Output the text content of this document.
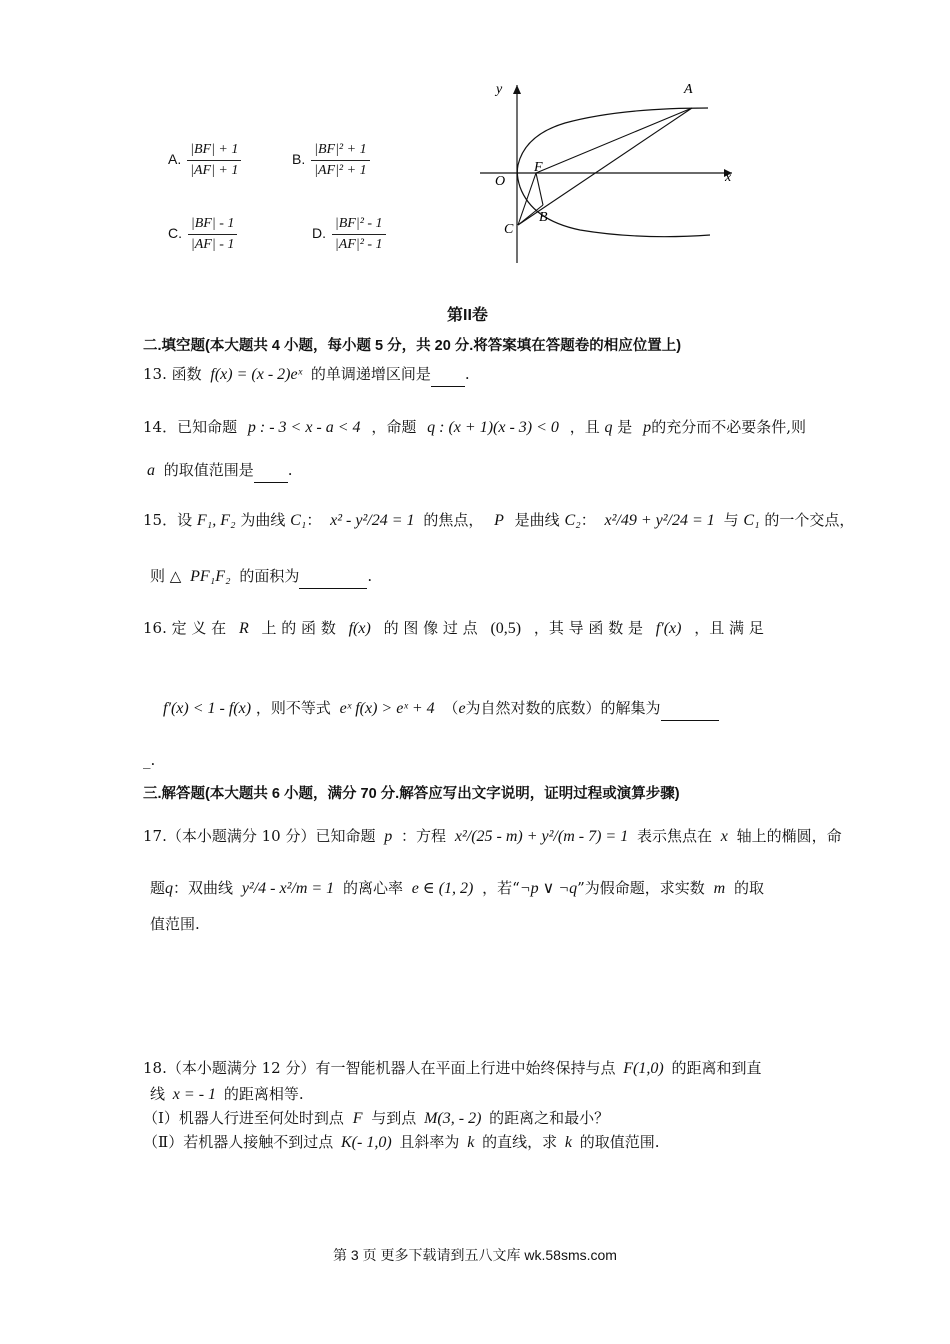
A. $\frac{|BF| + 1}{|AF| + 1}$	B. $\frac{\text{|BF|² + 1}}{\text{|AF|² + 1}}$
C. $\frac{|BF| - 1}{|AF| - 1}$	D. $\frac{\text{|BF|² - 1}}{\text{|AF|² - 1}}$
y
x
A
F
O
B
C
第II卷
二.填空题(本大题共 4 小题，每小题 5 分，共 20 分.将答案填在答题卷的相应位置上)
13. 函数 f(x) = (x - 2)eˣ 的单调递增区间是 .
14．已知命题 p : - 3 < x - a < 4 ，命题 q : (x + 1)(x - 3) < 0 ，且 q 是 p 的充分而不必要条件,则
a 的取值范围是 .
15．设 F₁, F₂ 为曲线 C₁： x² - y²/24 = 1 的焦点， P 是曲线 C₂： x²/49 + y²/24 = 1 与 C₁ 的一个交点，
则 △ PF₁F₂ 的面积为	.
16. 定 义 在 R 上 的 函 数 f(x) 的 图 像 过 点 (0,5) ，其 导 函 数 是 f′(x) ，且 满 足
f′(x) < 1 - f(x) ，则不等式 eˣ f(x) > eˣ + 4 （e为自然对数的底数）的解集为
_.
三.解答题(本大题共 6 小题，满分 70 分.解答应写出文字说明，证明过程或演算步骤)
17.（本小题满分 10 分）已知命题 p ：方程 x²/(25 - m) + y²/(m - 7) = 1 表示焦点在 x 轴上的椭圆，命
题q：双曲线 y²/4 - x²/m = 1 的离心率 e ∈ (1, 2) ，若“¬p ∨ ¬q”为假命题，求实数 m 的取
值范围.
18.（本小题满分 12 分）有一智能机器人在平面上行进中始终保持与点 F(1,0) 的距离和到直
线 x = - 1 的距离相等.
（Ⅰ）机器人行进至何处时到点 F 与到点 M(3, - 2) 的距离之和最小？
（Ⅱ）若机器人接触不到过点 K(- 1,0) 且斜率为 k 的直线，求 k 的取值范围.
第 3 页 更多下载请到五八文库 wk.58sms.com
